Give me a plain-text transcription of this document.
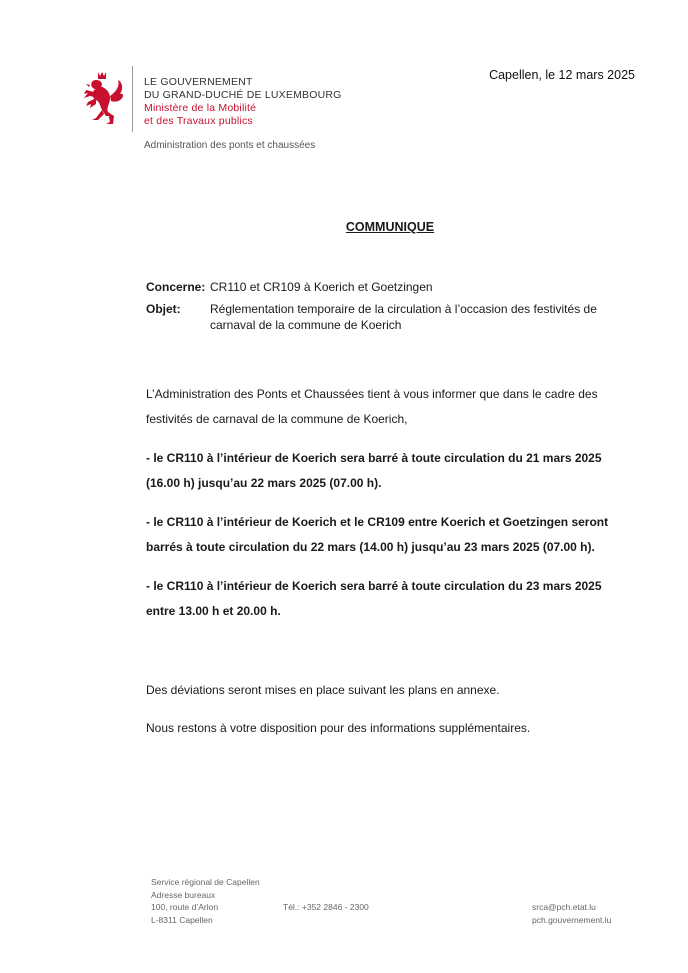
LE GOUVERNEMENT
DU GRAND-DUCHÉ DE LUXEMBOURG
Ministère de la Mobilité
et des Travaux publics
Administration des ponts et chaussées
Capellen, le 12 mars 2025
COMMUNIQUE
Concerne: CR110 et CR109 à Koerich et Goetzingen
Objet:	Réglementation temporaire de la circulation à l’occasion des festivités de carnaval de la commune de Koerich
L’Administration des Ponts et Chaussées tient à vous informer que dans le cadre des festivités de carnaval de la commune de Koerich,
- le CR110 à l’intérieur de Koerich sera barré à toute circulation du 21 mars 2025 (16.00 h) jusqu’au 22 mars 2025 (07.00 h).
- le CR110 à l’intérieur de Koerich et le CR109 entre Koerich et Goetzingen seront barrés à toute circulation du 22 mars (14.00 h) jusqu’au 23 mars 2025 (07.00 h).
- le CR110 à l’intérieur de Koerich sera barré à toute circulation du 23 mars 2025
entre 13.00 h et 20.00 h.
Des déviations seront mises en place suivant les plans en annexe.
Nous restons à votre disposition pour des informations supplémentaires.
Service régional de Capellen
Adresse bureaux
100, route d’Arlon
L-8311 Capellen
Tél.: +352 2846 - 2300	srca@pch.etat.lu
pch.gouvernement.lu
